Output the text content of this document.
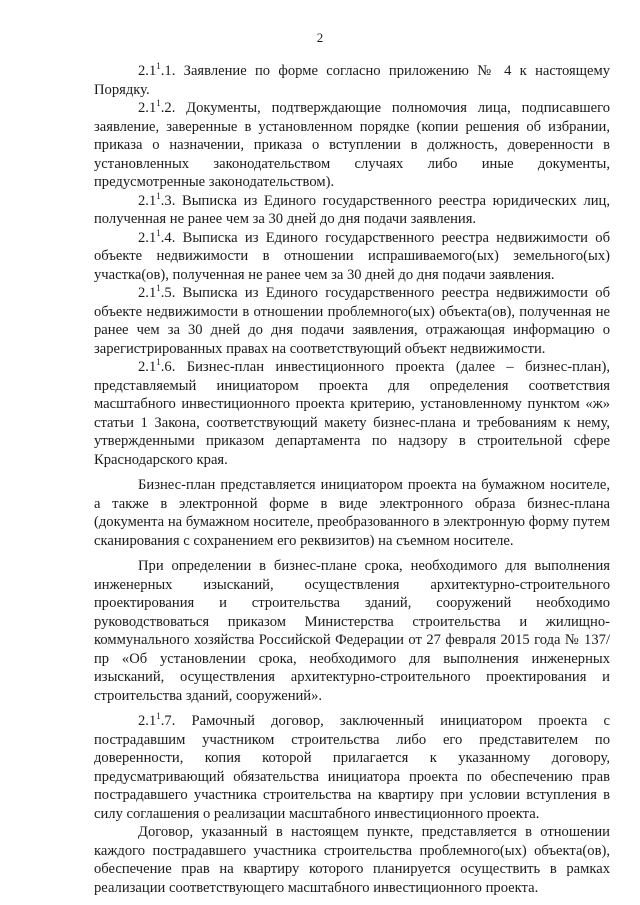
2

$2.1^1.1$. Заявление по форме согласно приложению № 4 к настоящему Порядку.

$2.1^1.2$. Документы, подтверждающие полномочия лица, подписавшего заявление, заверенные в установленном порядке (копии решения об избрании, приказа о назначении, приказа о вступлении в должность, доверенности в установленных законодательством случаях либо иные документы, предусмотренные законодательством).

$2.1^1.3$. Выписка из Единого государственного реестра юридических лиц, полученная не ранее чем за 30 дней до дня подачи заявления.

$2.1^1.4$. Выписка из Единого государственного реестра недвижимости об объекте недвижимости в отношении испрашиваемого(ых) земельного(ых) участка(ов), полученная не ранее чем за 30 дней до дня подачи заявления.

$2.1^1.5$. Выписка из Единого государственного реестра недвижимости об объекте недвижимости в отношении проблемного(ых) объекта(ов), полученная не ранее чем за 30 дней до дня подачи заявления, отражающая информацию о зарегистрированных правах на соответствующий объект недвижимости.

$2.1^1.6$. Бизнес-план инвестиционного проекта (далее – бизнес-план), представляемый инициатором проекта для определения соответствия масштабного инвестиционного проекта критерию, установленному пунктом «ж» статьи 1 Закона, соответствующий макету бизнес-плана и требованиям к нему, утвержденными приказом департамента по надзору в строительной сфере Краснодарского края.

Бизнес-план представляется инициатором проекта на бумажном носителе, а также в электронной форме в виде электронного образа бизнес-плана (документа на бумажном носителе, преобразованного в электронную форму путем сканирования с сохранением его реквизитов) на съемном носителе.

При определении в бизнес-плане срока, необходимого для выполнения инженерных изысканий, осуществления архитектурно-строительного проектирования и строительства зданий, сооружений необходимо руководствоваться приказом Министерства строительства и жилищно-коммунального хозяйства Российской Федерации от 27 февраля 2015 года № 137/пр «Об установлении срока, необходимого для выполнения инженерных изысканий, осуществления архитектурно-строительного проектирования и строительства зданий, сооружений».

$2.1^1.7$. Рамочный договор, заключенный инициатором проекта с пострадавшим участником строительства либо его представителем по доверенности, копия которой прилагается к указанному договору, предусматривающий обязательства инициатора проекта по обеспечению прав пострадавшего участника строительства на квартиру при условии вступления в силу соглашения о реализации масштабного инвестиционного проекта.

Договор, указанный в настоящем пункте, представляется в отношении каждого пострадавшего участника строительства проблемного(ых) объекта(ов), обеспечение прав на квартиру которого планируется осуществить в рамках реализации соответствующего масштабного инвестиционного проекта.
